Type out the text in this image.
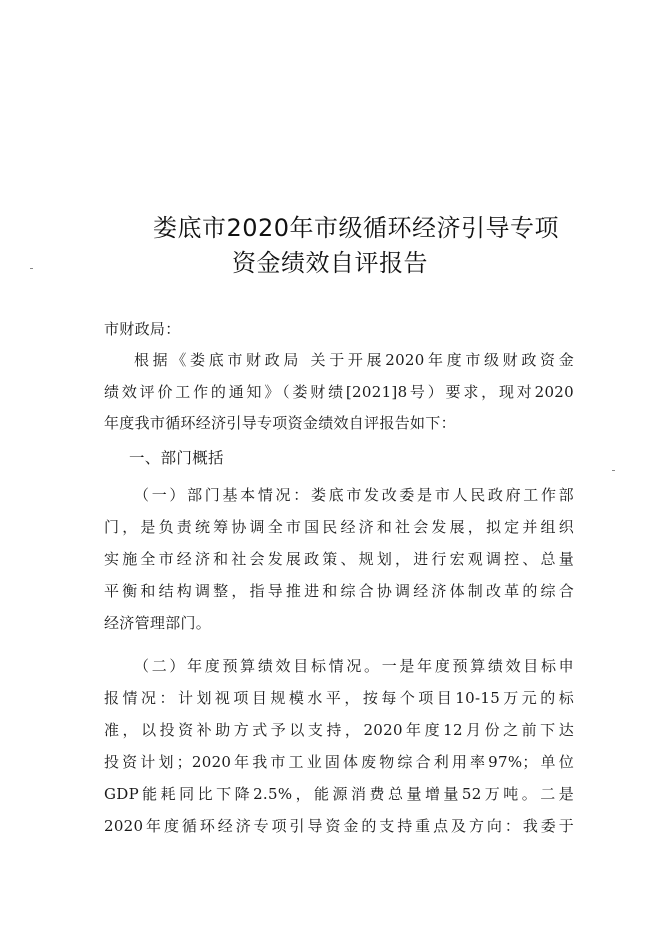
娄底市2020年市级循环经济引导专项
资金绩效自评报告
市财政局：
根据《娄底市财政局 关于开展2020年度市级财政资金
绩效评价工作的通知》（娄财绩[2021]8号）要求，现对2020
年度我市循环经济引导专项资金绩效自评报告如下：
一、部门概括
（一）部门基本情况：娄底市发改委是市人民政府工作部
门，是负责统筹协调全市国民经济和社会发展，拟定并组织
实施全市经济和社会发展政策、规划，进行宏观调控、总量
平衡和结构调整，指导推进和综合协调经济体制改革的综合
经济管理部门。
（二）年度预算绩效目标情况。一是年度预算绩效目标申
报情况：计划视项目规模水平，按每个项目10-15万元的标
准，以投资补助方式予以支持，2020年度12月份之前下达
投资计划；2020年我市工业固体废物综合利用率97%；单位
GDP能耗同比下降2.5%，能源消费总量增量52万吨。二是
2020年度循环经济专项引导资金的支持重点及方向：我委于
